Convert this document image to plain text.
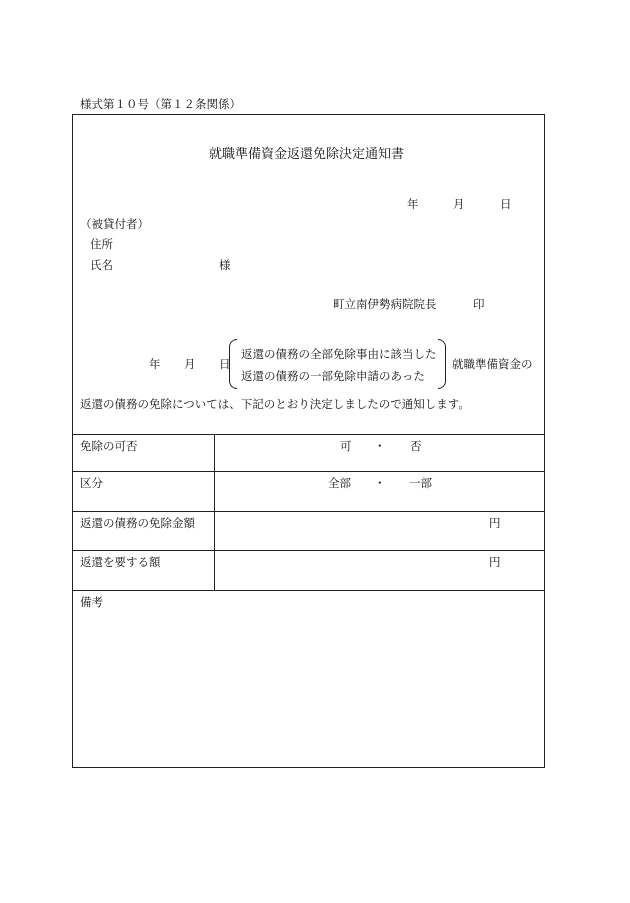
様式第１０号（第１２条関係）
就職準備資金返還免除決定通知書
年	月	日
（被貸付者）
住所
氏名	様
町立南伊勢病院院長	印
年 月 日
返還の債務の全部免除事由に該当した
返還の債務の一部免除申請のあった
就職準備資金の
返還の債務の免除については、下記のとおり決定しましたので通知します。
免除の可否	可 ・ 否
区分	全部 ・ 一部
返還の債務の免除金額	円
返還を要する額	円
備考
